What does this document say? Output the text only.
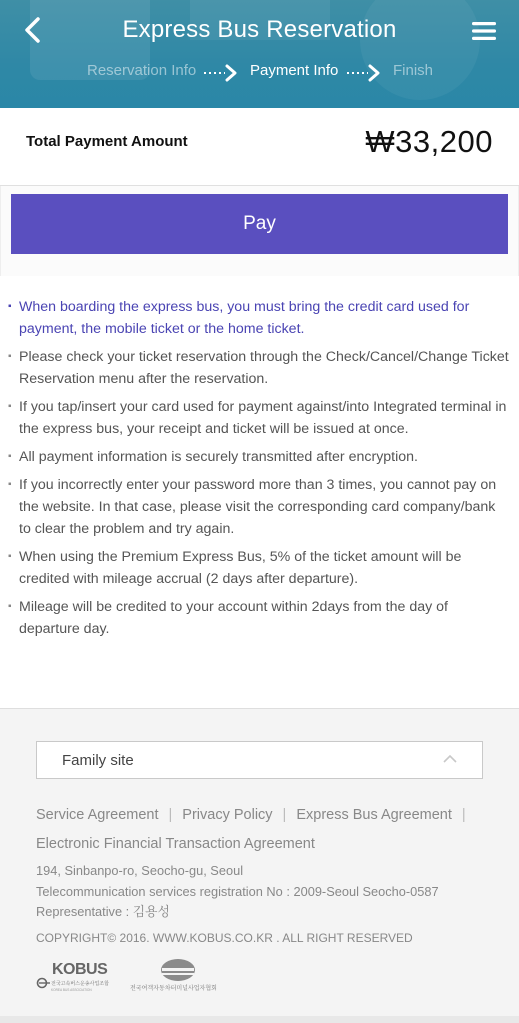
Express Bus Reservation
Reservation Info	Payment Info	Finish
Total Payment Amount	₩33,200
Pay
▪ When boarding the express bus, you must bring the credit card used for payment, the mobile ticket or the home ticket.
▪ Please check your ticket reservation through the Check/Cancel/Change Ticket Reservation menu after the reservation.
▪ If you tap/insert your card used for payment against/into Integrated terminal in the express bus, your receipt and ticket will be issued at once.
▪ All payment information is securely transmitted after encryption.
▪ If you incorrectly enter your password more than 3 times, you cannot pay on the website. In that case, please visit the corresponding card company/bank to clear the problem and try again.
▪ When using the Premium Express Bus, 5% of the ticket amount will be credited with mileage accrual (2 days after departure).
▪ Mileage will be credited to your account within 2days from the day of departure day.
Family site
Service Agreement | Privacy Policy | Express Bus Agreement |
Electronic Financial Transaction Agreement
194, Sinbanpo-ro, Seocho-gu, Seoul
Telecommunication services registration No : 2009-Seoul Seocho-0587
Representative : 김용성
COPYRIGHT© 2016. WWW.KOBUS.CO.KR . ALL RIGHT RESERVED
KOBUS
전국고속버스운송사업조합
KOREA BUS ASSOCIATION	전국여객자동차터미널사업자협회
